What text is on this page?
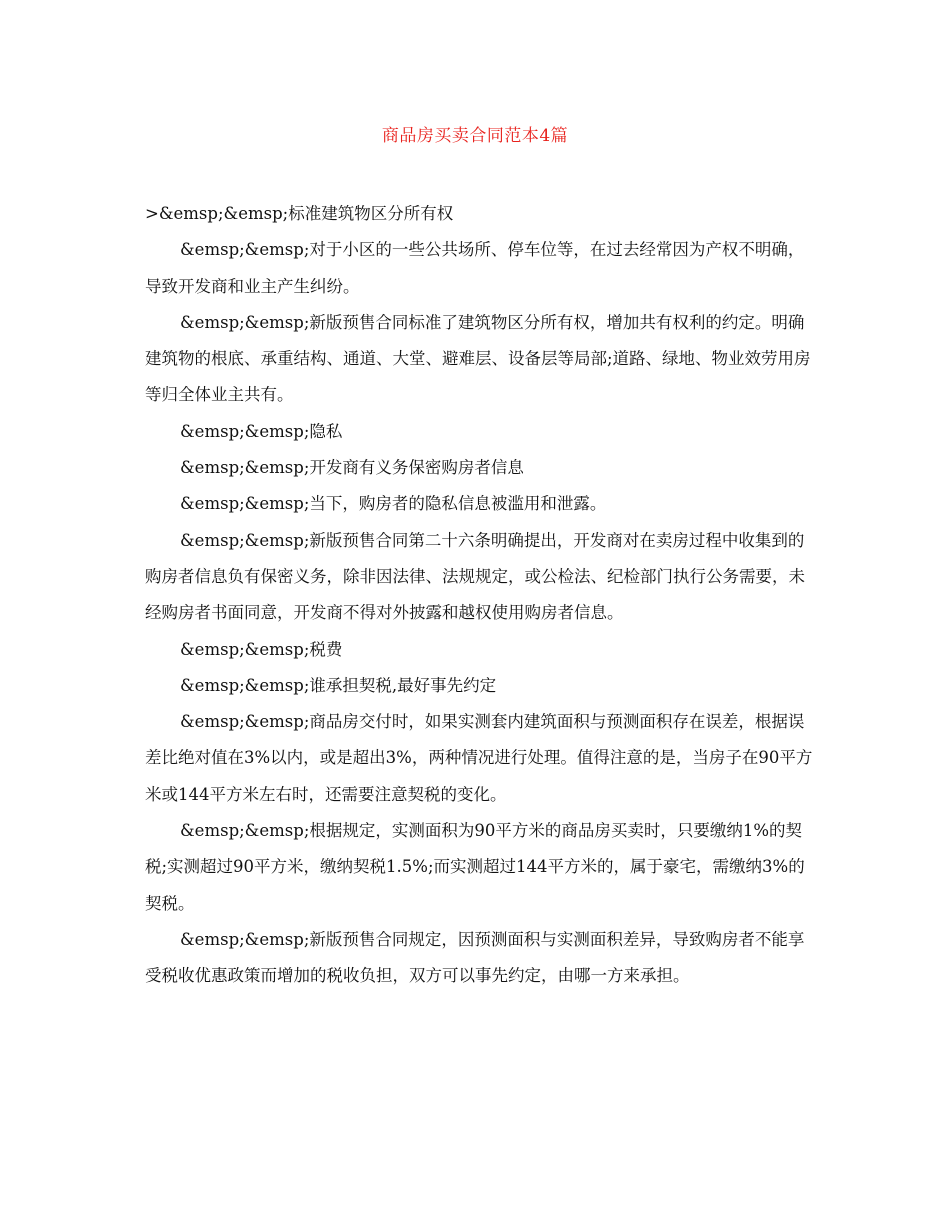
商品房买卖合同范本4篇

>&emsp;&emsp;标准建筑物区分所有权

&emsp;&emsp;对于小区的一些公共场所、停车位等，在过去经常因为产权不明确，导致开发商和业主产生纠纷。

&emsp;&emsp;新版预售合同标准了建筑物区分所有权，增加共有权利的约定。明确建筑物的根底、承重结构、通道、大堂、避难层、设备层等局部;道路、绿地、物业效劳用房等归全体业主共有。

&emsp;&emsp;隐私

&emsp;&emsp;开发商有义务保密购房者信息

&emsp;&emsp;当下，购房者的隐私信息被滥用和泄露。

&emsp;&emsp;新版预售合同第二十六条明确提出，开发商对在卖房过程中收集到的购房者信息负有保密义务，除非因法律、法规规定，或公检法、纪检部门执行公务需要，未经购房者书面同意，开发商不得对外披露和越权使用购房者信息。

&emsp;&emsp;税费

&emsp;&emsp;谁承担契税,最好事先约定

&emsp;&emsp;商品房交付时，如果实测套内建筑面积与预测面积存在误差，根据误差比绝对值在3%以内，或是超出3%，两种情况进行处理。值得注意的是，当房子在90平方米或144平方米左右时，还需要注意契税的变化。

&emsp;&emsp;根据规定，实测面积为90平方米的商品房买卖时，只要缴纳1%的契税;实测超过90平方米，缴纳契税1.5%;而实测超过144平方米的，属于豪宅，需缴纳3%的契税。

&emsp;&emsp;新版预售合同规定，因预测面积与实测面积差异，导致购房者不能享受税收优惠政策而增加的税收负担，双方可以事先约定，由哪一方来承担。
